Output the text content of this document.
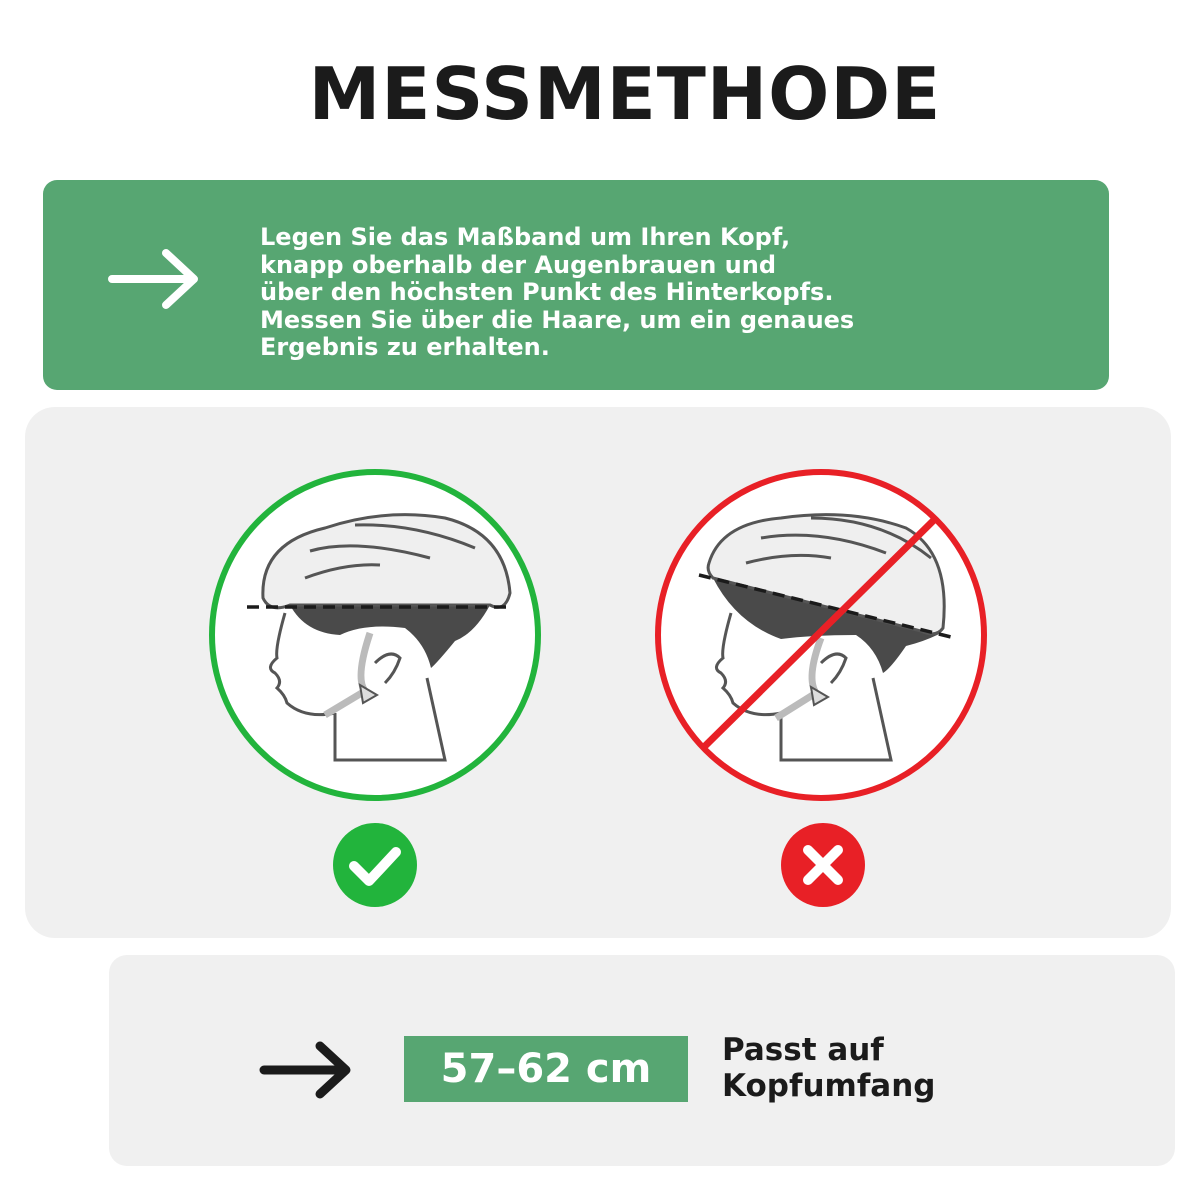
MESSMETHODE
Legen Sie das Maßband um Ihren Kopf,
knapp oberhalb der Augenbrauen und
über den höchsten Punkt des Hinterkopfs.
Messen Sie über die Haare, um ein genaues
Ergebnis zu erhalten.
57–62 cm	Passt auf
Kopfumfang
